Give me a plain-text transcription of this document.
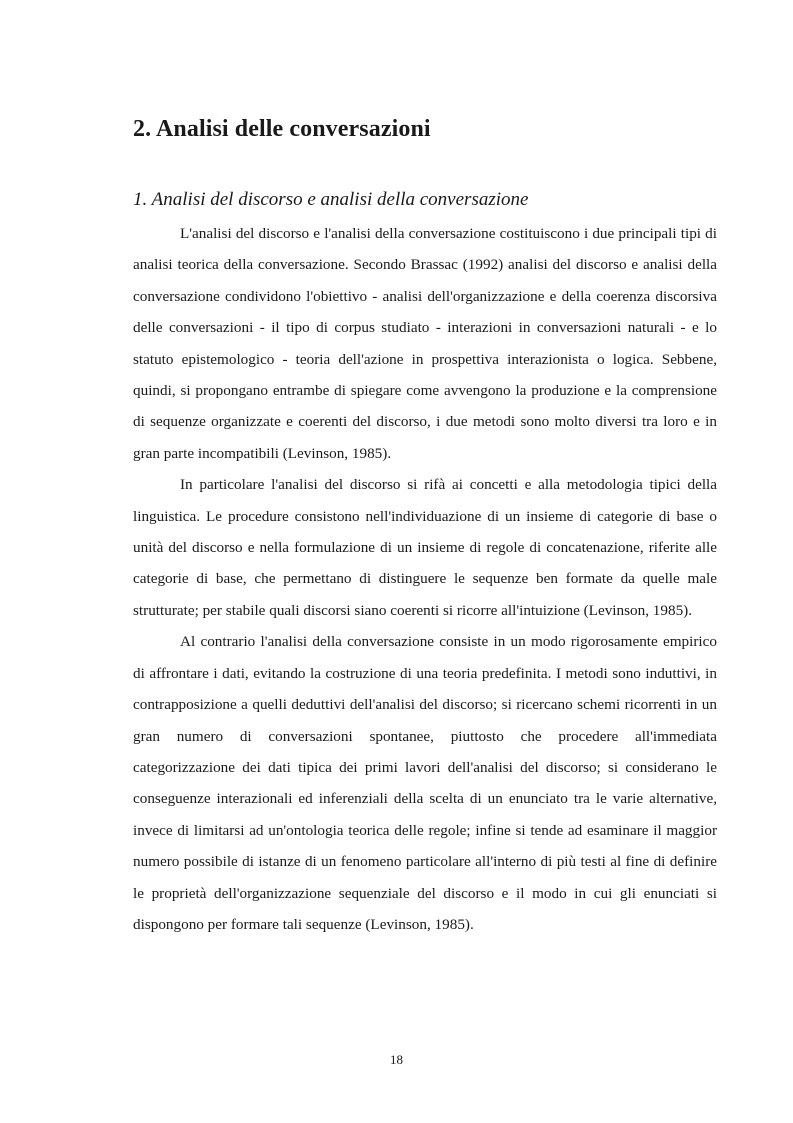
2. Analisi delle conversazioni
1. Analisi del discorso e analisi della conversazione

L'analisi del discorso e l'analisi della conversazione costituiscono i due principali tipi di analisi teorica della conversazione. Secondo Brassac (1992) analisi del discorso e analisi della conversazione condividono l'obiettivo - analisi dell'organizzazione e della coerenza discorsiva delle conversazioni - il tipo di corpus studiato - interazioni in conversazioni naturali - e lo statuto epistemologico - teoria dell'azione in prospettiva interazionista o logica. Sebbene, quindi, si propongano entrambe di spiegare come avvengono la produzione e la comprensione di sequenze organizzate e coerenti del discorso, i due metodi sono molto diversi tra loro e in gran parte incompatibili (Levinson, 1985).

In particolare l'analisi del discorso si rifà ai concetti e alla metodologia tipici della linguistica. Le procedure consistono nell'individuazione di un insieme di categorie di base o unità del discorso e nella formulazione di un insieme di regole di concatenazione, riferite alle categorie di base, che permettano di distinguere le sequenze ben formate da quelle male strutturate; per stabile quali discorsi siano coerenti si ricorre all'intuizione (Levinson, 1985).

Al contrario l'analisi della conversazione consiste in un modo rigorosamente empirico di affrontare i dati, evitando la costruzione di una teoria predefinita. I metodi sono induttivi, in contrapposizione a quelli deduttivi dell'analisi del discorso; si ricercano schemi ricorrenti in un gran numero di conversazioni spontanee, piuttosto che procedere all'immediata categorizzazione dei dati tipica dei primi lavori dell'analisi del discorso; si considerano le conseguenze interazionali ed inferenziali della scelta di un enunciato tra le varie alternative, invece di limitarsi ad un'ontologia teorica delle regole; infine si tende ad esaminare il maggior numero possibile di istanze di un fenomeno particolare all'interno di più testi al fine di definire le proprietà dell'organizzazione sequenziale del discorso e il modo in cui gli enunciati si dispongono per formare tali sequenze (Levinson, 1985).

18
